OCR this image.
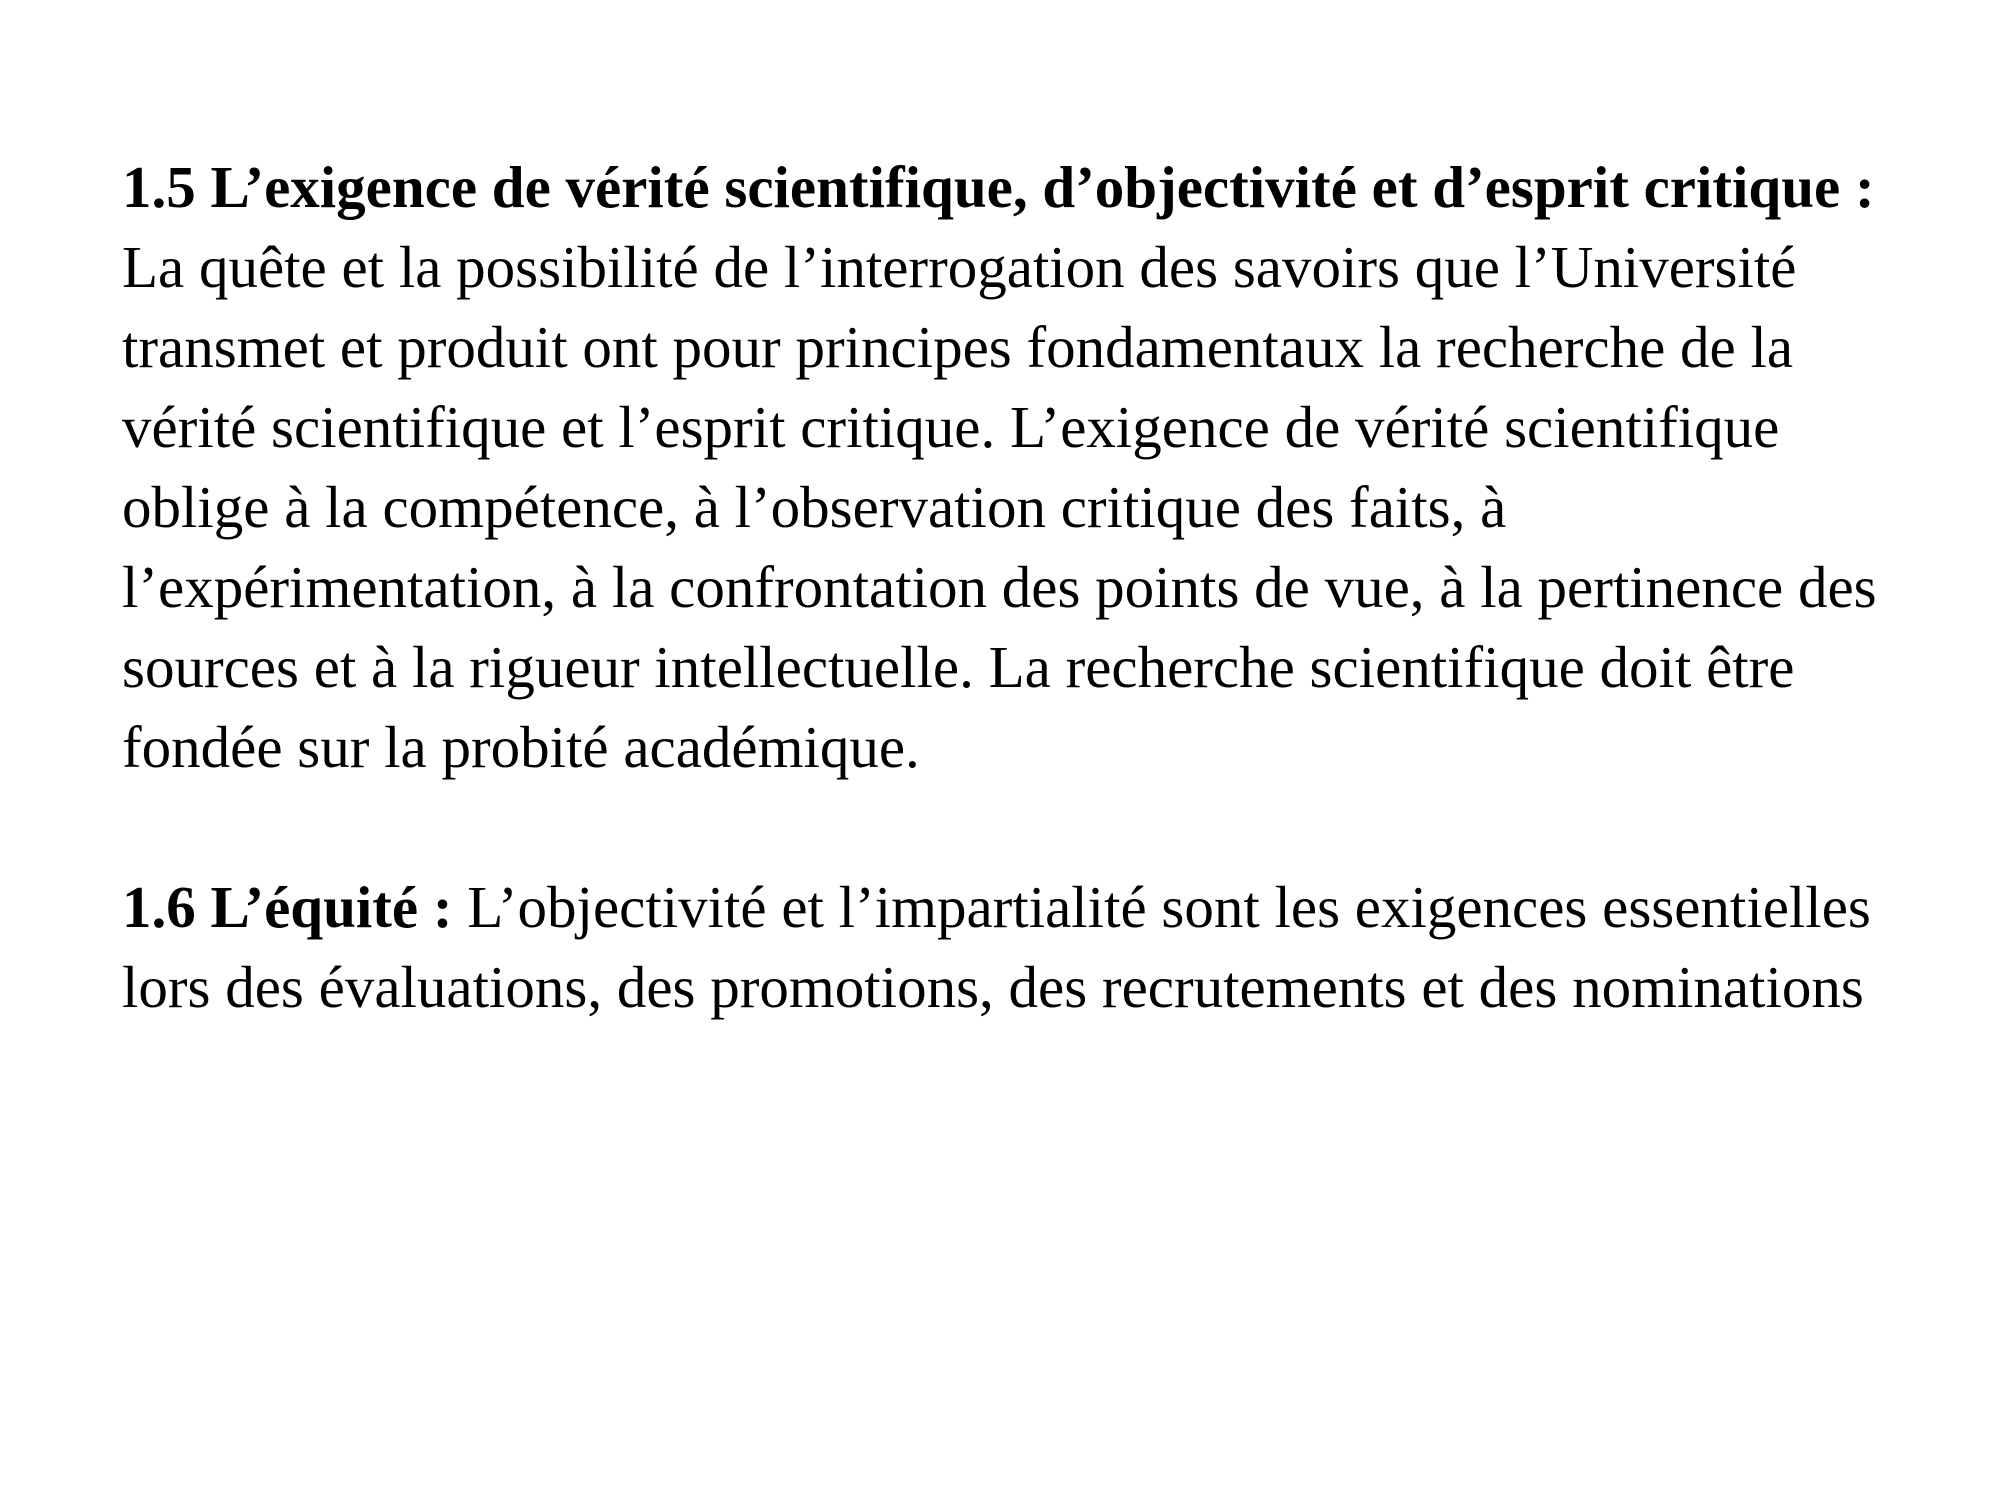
1.5 L’exigence de vérité scientifique, d’objectivité et d’esprit critique : La quête et la possibilité de l’interrogation des savoirs que l’Université transmet et produit ont pour principes fondamentaux la recherche de la vérité scientifique et l’esprit critique. L’exigence de vérité scientifique oblige à la compétence, à l’observation critique des faits, à l’expérimentation, à la confrontation des points de vue, à la pertinence des sources et à la rigueur intellectuelle. La recherche scientifique doit être fondée sur la probité académique.

1.6 L’équité : L’objectivité et l’impartialité sont les exigences essentielles lors des évaluations, des promotions, des recrutements et des nominations
